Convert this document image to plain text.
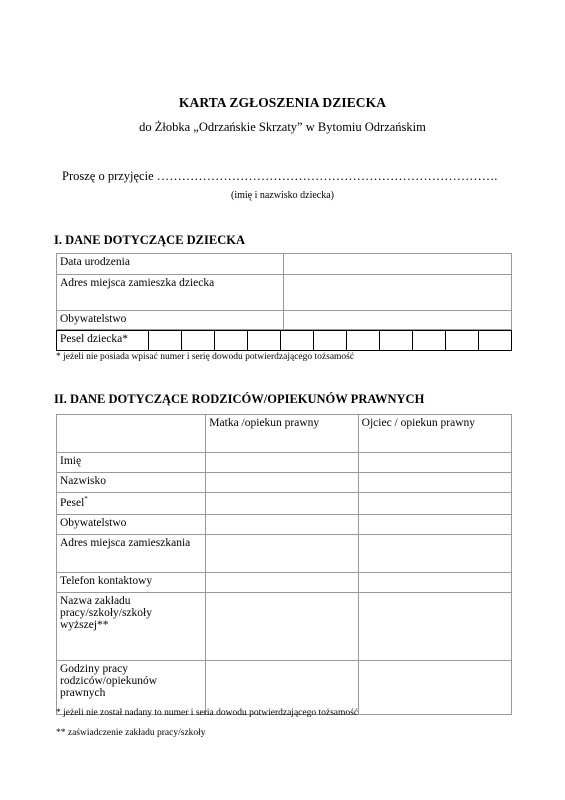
KARTA ZGŁOSZENIA DZIECKA
do Żłobka „Odrzańskie Skrzaty” w Bytomiu Odrzańskim
Proszę o przyjęcie ……………………………………………………………………….
(imię i nazwisko dziecka)
I. DANE DOTYCZĄCE DZIECKA
Data urodzenia	
Adres miejsca zamieszka dziecka	
Obywatelstwo	
Pesel dziecka*
* jeżeli nie posiada wpisać numer i serię dowodu potwierdzającego tożsamość
II. DANE DOTYCZĄCE RODZICÓW/OPIEKUNÓW PRAWNYCH
	Matka /opiekun prawny	Ojciec / opiekun prawny
Imię		
Nazwisko		
Pesel*		
Obywatelstwo		
Adres miejsca zamieszkania		
Telefon kontaktowy		
Nazwa zakładu pracy/szkoły/szkoły wyższej**		
Godziny pracy rodziców/opiekunów prawnych		
* jeżeli nie został nadany to numer i seria dowodu potwierdzającego tożsamość
** zaświadczenie zakładu pracy/szkoły
